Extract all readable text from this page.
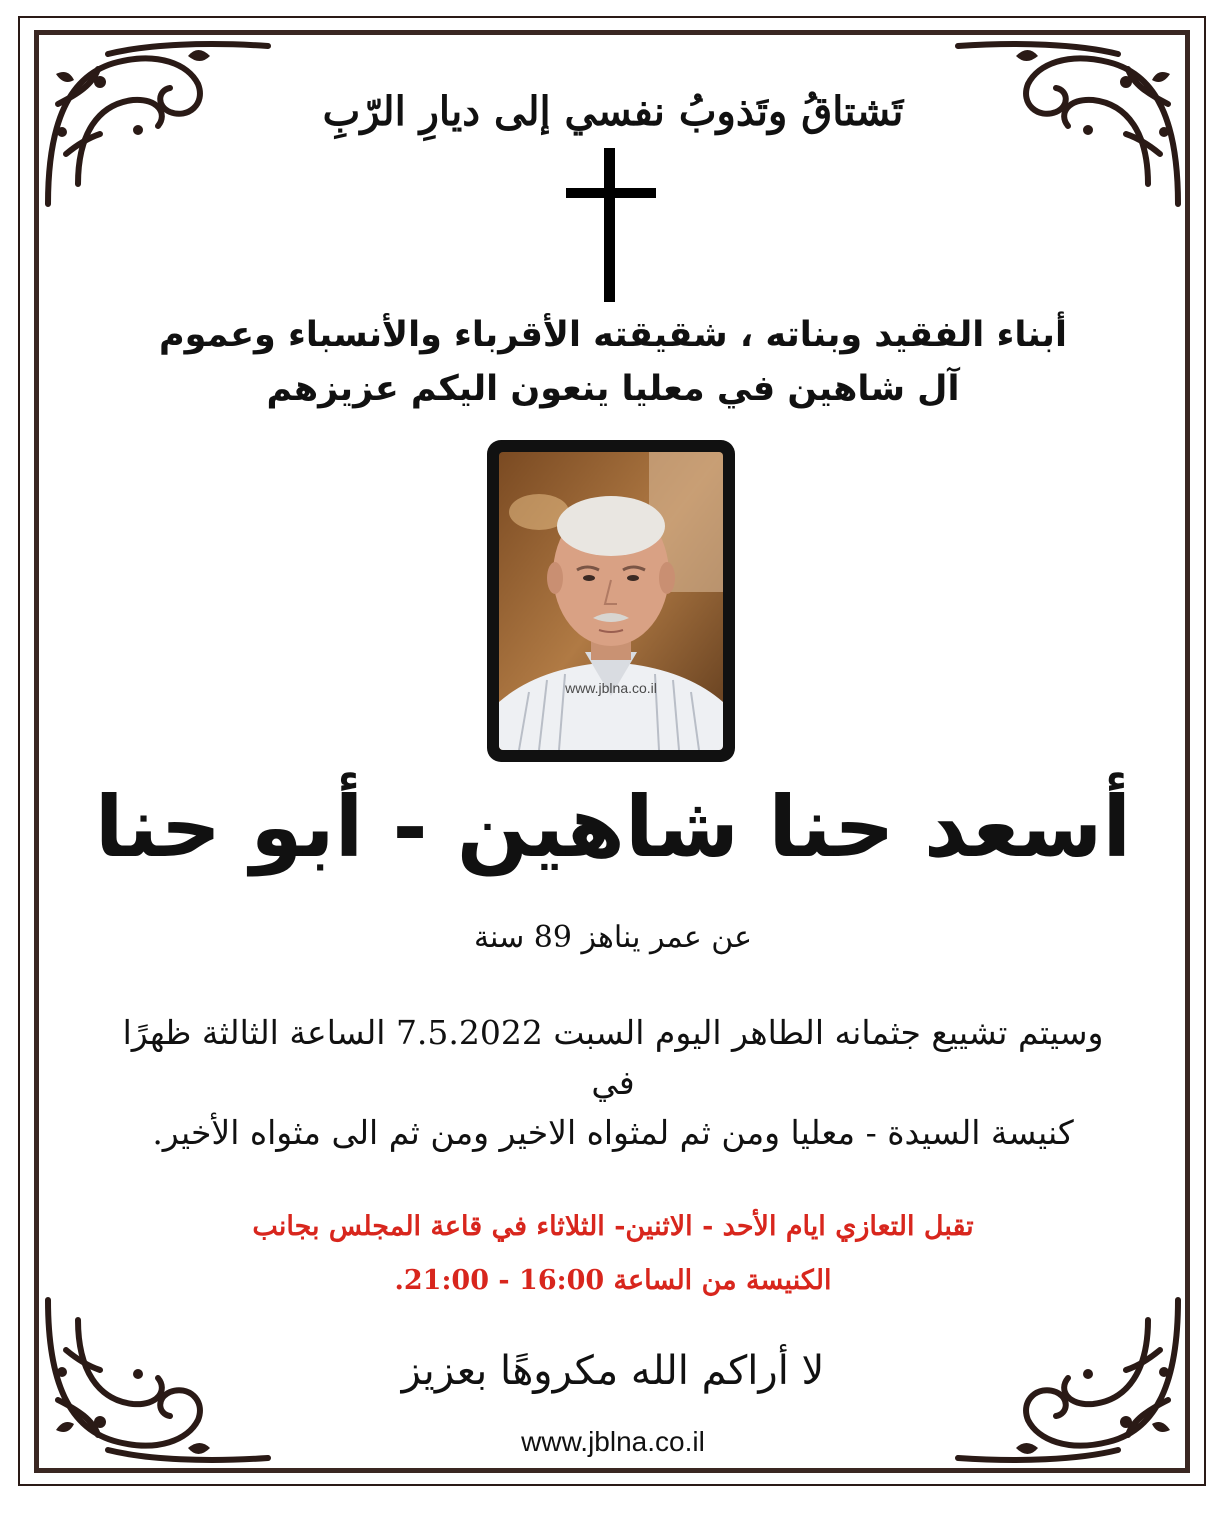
تَشتاقُ وتَذوبُ نفسي إلى ديارِ الرّبِ
أبناء الفقيد وبناته ، شقيقته الأقرباء والأنسباء وعموم
آل شاهين في معليا ينعون اليكم عزيزهم
www.jblna.co.il
أسعد حنا شاهين - أبو حنا
عن عمر يناهز 89 سنة
وسيتم تشييع جثمانه الطاهر اليوم السبت 7.5.2022 الساعة الثالثة ظهرًا في
كنيسة السيدة - معليا ومن ثم لمثواه الاخير ومن ثم الى مثواه الأخير.
تقبل التعازي ايام الأحد - الاثنين- الثلاثاء في قاعة المجلس بجانب
الكنيسة من الساعة 16:00 - 21:00.
لا أراكم الله مكروهًا بعزيز
www.jblna.co.il
